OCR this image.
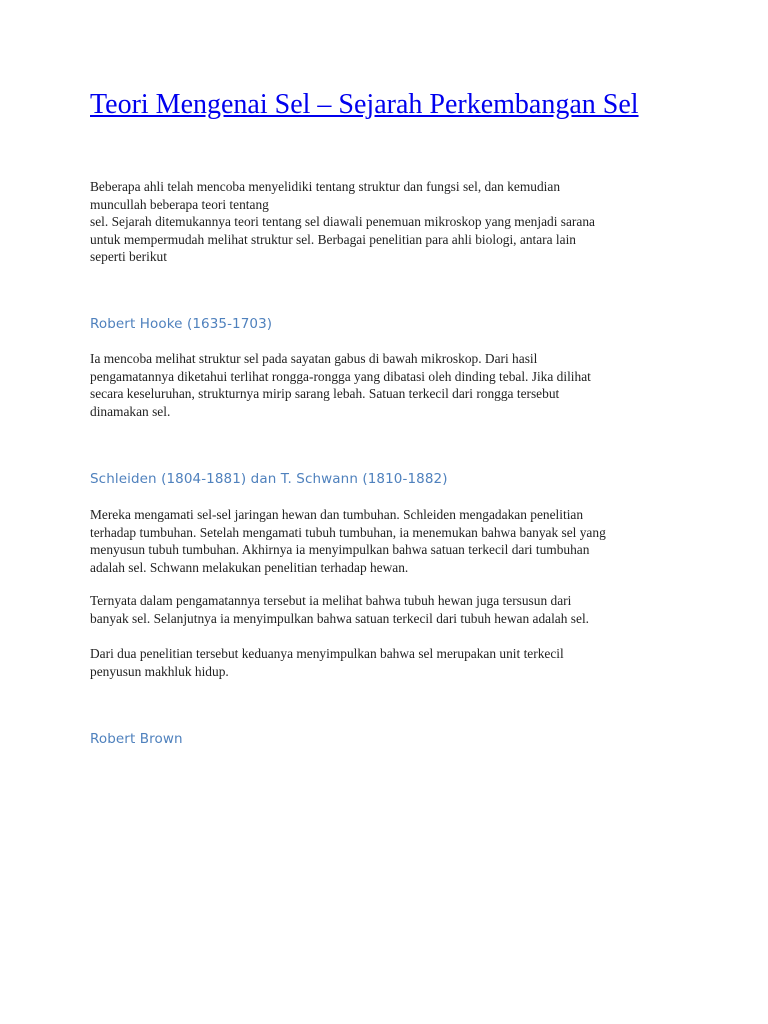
Teori Mengenai Sel – Sejarah Perkembangan Sel

Beberapa ahli telah mencoba menyelidiki tentang struktur dan fungsi sel, dan kemudian
muncullah beberapa teori tentang
sel. Sejarah ditemukannya teori tentang sel diawali penemuan mikroskop yang menjadi sarana
untuk mempermudah melihat struktur sel. Berbagai penelitian para ahli biologi, antara lain
seperti berikut

Robert Hooke (1635-1703)

Ia mencoba melihat struktur sel pada sayatan gabus di bawah mikroskop. Dari hasil
pengamatannya diketahui terlihat rongga-rongga yang dibatasi oleh dinding tebal. Jika dilihat
secara keseluruhan, strukturnya mirip sarang lebah. Satuan terkecil dari rongga tersebut
dinamakan sel.

Schleiden (1804-1881) dan T. Schwann (1810-1882)

Mereka mengamati sel-sel jaringan hewan dan tumbuhan. Schleiden mengadakan penelitian
terhadap tumbuhan. Setelah mengamati tubuh tumbuhan, ia menemukan bahwa banyak sel yang
menyusun tubuh tumbuhan. Akhirnya ia menyimpulkan bahwa satuan terkecil dari tumbuhan
adalah sel. Schwann melakukan penelitian terhadap hewan.

Ternyata dalam pengamatannya tersebut ia melihat bahwa tubuh hewan juga tersusun dari
banyak sel. Selanjutnya ia menyimpulkan bahwa satuan terkecil dari tubuh hewan adalah sel.

Dari dua penelitian tersebut keduanya menyimpulkan bahwa sel merupakan unit terkecil
penyusun makhluk hidup.

Robert Brown
